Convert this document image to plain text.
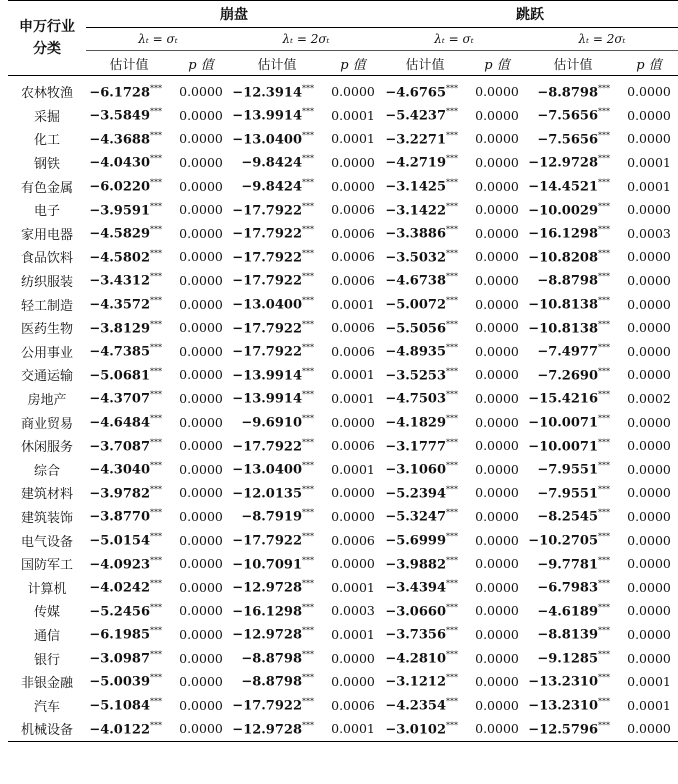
申万行业
分类	崩盘				跳跃			
	λₜ = σₜ		λₜ = 2σₜ		λₜ = σₜ		λₜ = 2σₜ	
	估计值	p 值	估计值	p 值	估计值	p 值	估计值	p 值
农林牧渔	−6.1728***	0.0000	−12.3914***	0.0000	−4.6765***	0.0000	−8.8798***	0.0000
采掘	−3.5849***	0.0000	−13.9914***	0.0001	−5.4237***	0.0000	−7.5656***	0.0000
化工	−4.3688***	0.0000	−13.0400***	0.0001	−3.2271***	0.0000	−7.5656***	0.0000
钢铁	−4.0430***	0.0000	−9.8424***	0.0000	−4.2719***	0.0000	−12.9728***	0.0001
有色金属	−6.0220***	0.0000	−9.8424***	0.0000	−3.1425***	0.0000	−14.4521***	0.0001
电子	−3.9591***	0.0000	−17.7922***	0.0006	−3.1422***	0.0000	−10.0029***	0.0000
家用电器	−4.5829***	0.0000	−17.7922***	0.0006	−3.3886***	0.0000	−16.1298***	0.0003
食品饮料	−4.5802***	0.0000	−17.7922***	0.0006	−3.5032***	0.0000	−10.8208***	0.0000
纺织服装	−3.4312***	0.0000	−17.7922***	0.0006	−4.6738***	0.0000	−8.8798***	0.0000
轻工制造	−4.3572***	0.0000	−13.0400***	0.0001	−5.0072***	0.0000	−10.8138***	0.0000
医药生物	−3.8129***	0.0000	−17.7922***	0.0006	−5.5056***	0.0000	−10.8138***	0.0000
公用事业	−4.7385***	0.0000	−17.7922***	0.0006	−4.8935***	0.0000	−7.4977***	0.0000
交通运输	−5.0681***	0.0000	−13.9914***	0.0001	−3.5253***	0.0000	−7.2690***	0.0000
房地产	−4.3707***	0.0000	−13.9914***	0.0001	−4.7503***	0.0000	−15.4216***	0.0002
商业贸易	−4.6484***	0.0000	−9.6910***	0.0000	−4.1829***	0.0000	−10.0071***	0.0000
休闲服务	−3.7087***	0.0000	−17.7922***	0.0006	−3.1777***	0.0000	−10.0071***	0.0000
综合	−4.3040***	0.0000	−13.0400***	0.0001	−3.1060***	0.0000	−7.9551***	0.0000
建筑材料	−3.9782***	0.0000	−12.0135***	0.0000	−5.2394***	0.0000	−7.9551***	0.0000
建筑装饰	−3.8770***	0.0000	−8.7919***	0.0000	−5.3247***	0.0000	−8.2545***	0.0000
电气设备	−5.0154***	0.0000	−17.7922***	0.0006	−5.6999***	0.0000	−10.2705***	0.0000
国防军工	−4.0923***	0.0000	−10.7091***	0.0000	−3.9882***	0.0000	−9.7781***	0.0000
计算机	−4.0242***	0.0000	−12.9728***	0.0001	−3.4394***	0.0000	−6.7983***	0.0000
传媒	−5.2456***	0.0000	−16.1298***	0.0003	−3.0660***	0.0000	−4.6189***	0.0000
通信	−6.1985***	0.0000	−12.9728***	0.0001	−3.7356***	0.0000	−8.8139***	0.0000
银行	−3.0987***	0.0000	−8.8798***	0.0000	−4.2810***	0.0000	−9.1285***	0.0000
非银金融	−5.0039***	0.0000	−8.8798***	0.0000	−3.1212***	0.0000	−13.2310***	0.0001
汽车	−5.1084***	0.0000	−17.7922***	0.0006	−4.2354***	0.0000	−13.2310***	0.0001
机械设备	−4.0122***	0.0000	−12.9728***	0.0001	−3.0102***	0.0000	−12.5796***	0.0000
